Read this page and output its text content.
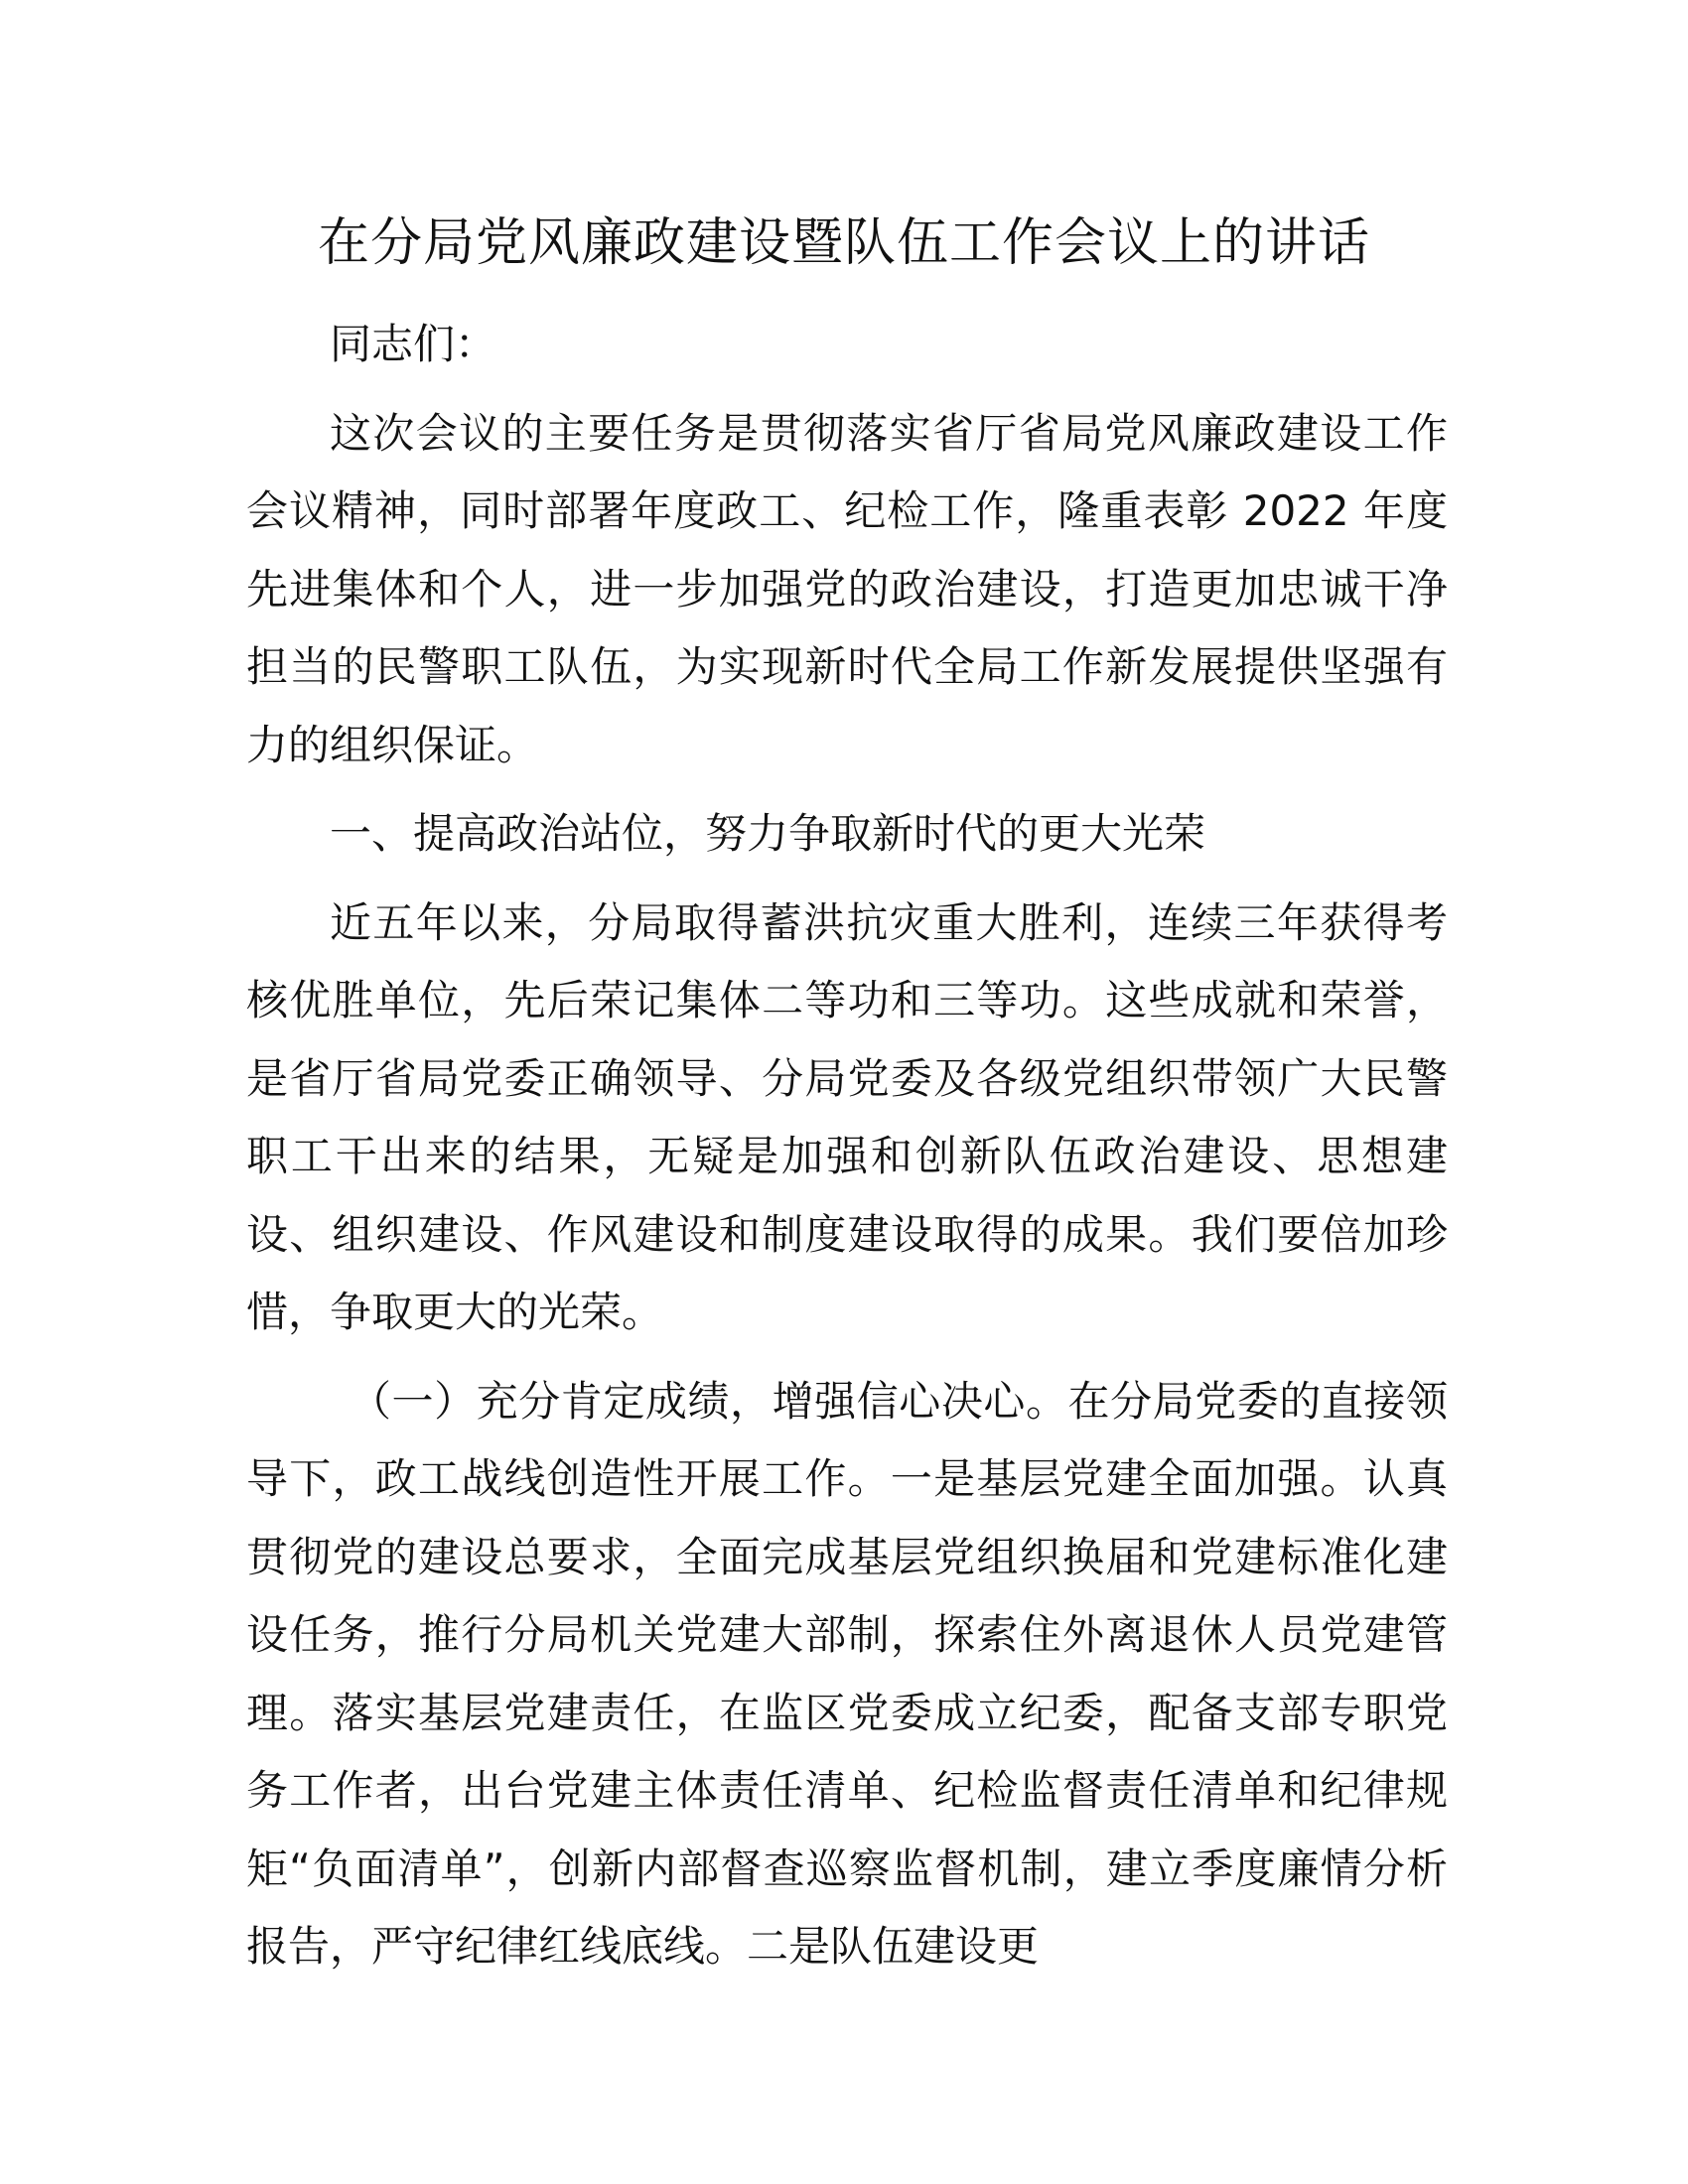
在分局党风廉政建设暨队伍工作会议上的讲话

同志们：

这次会议的主要任务是贯彻落实省厅省局党风廉政建设工作会议精神，同时部署年度政工、纪检工作，隆重表彰 2022 年度先进集体和个人，进一步加强党的政治建设，打造更加忠诚干净担当的民警职工队伍，为实现新时代全局工作新发展提供坚强有力的组织保证。

一、提高政治站位，努力争取新时代的更大光荣

近五年以来，分局取得蓄洪抗灾重大胜利，连续三年获得考核优胜单位，先后荣记集体二等功和三等功。这些成就和荣誉，是省厅省局党委正确领导、分局党委及各级党组织带领广大民警职工干出来的结果，无疑是加强和创新队伍政治建设、思想建设、组织建设、作风建设和制度建设取得的成果。我们要倍加珍惜，争取更大的光荣。

（一）充分肯定成绩，增强信心决心。在分局党委的直接领导下，政工战线创造性开展工作。一是基层党建全面加强。认真贯彻党的建设总要求，全面完成基层党组织换届和党建标准化建设任务，推行分局机关党建大部制，探索住外离退休人员党建管理。落实基层党建责任，在监区党委成立纪委，配备支部专职党务工作者，出台党建主体责任清单、纪检监督责任清单和纪律规矩“负面清单”，创新内部督查巡察监督机制，建立季度廉情分析报告，严守纪律红线底线。二是队伍建设更
